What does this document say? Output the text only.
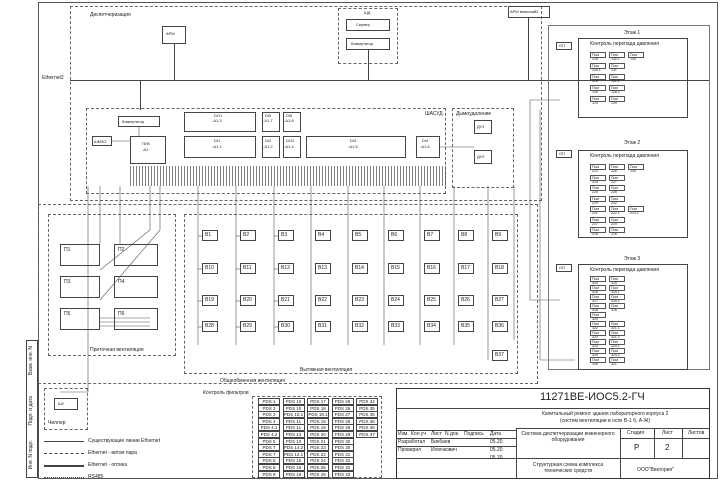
Диспетчеризация
АРМ
АРМ внешний2
ШД
Сервер
Коммутатор
Ethernet2
ШАСУД
Коммутатор
ШМЗО	ПЛК
-A1
DO1
-A1.3
DI5
-A1.7
DI6
-A1.8
DI1
-A1.1
DI2
-A1.2
DO2
-A1.4
DI3
-A1.5
DI4
-A1.6
Дымоудаление
ДУ1
ДУ2
Общеобменная вентиляция
Приточная вентиляция
П1	П2
П3	П4
П5	П6
Вытяжная вентиляция
В1	В2	В3	В4	В5	В6	В7	В8	В9
В10	В11	В12	В13	В14	В15	В16	В17	В18
В19	В20	В21	В22	В23	В24	В25	В26	В27
В28	В29	В30	В31	В32	В33	В34	В35	В36
В37
Контроль фильтров
PDS 1	PDS 10	PDS 17	PDS 26	PDS 34
PDS 2	PDS 10	PDS 18	PDS 26	PDS 35
PDS 3	PDS 10.1	PDS 18.1	PDS 27	PDS 35
PDS 4	PDS 11	PDS 19	PDS 28	PDS 36
PDS 4.1	PDS 11	PDS 19	PDS 28	PDS 36
PDS 4.2	PDS 13	PDS 20	PDS 29	PDS 37
PDS 5	PDS 13	PDS 21	PDS 30
PDS 7	PDS 14.2	PDS 23	PDS 30
PDS 7	PDS 14.1	PDS 22	PDS 31
PDS 8	PDS 15	PDS 24	PDS 32
PDS 8	PDS 16	PDS 25	PDS 32
PDS 9	PDS 16	PDS 25	PDS 33
ШУ
Чиллер
Существующие линии Ethernet
Ethernet - витая пара
Ethernet - оптика
RS485
Этаж 1
ОП	Контроль перепада давления
Этаж 2
ОП	Контроль перепада давления
Этаж 3
ОП	Контроль перепада давления
Пом 128
Пом 130.1
Пом 133
Пом 128.1
Пом 131
Пом 126
Пом 131.1
Пом 125
Пом 128.2
Пом 124
Пом 129
Пом 223
Пом 226
Пом 233
Пом 224
Пом 227
Пом 225
Пом 228
Пом 229
Пом 232
Пом 221
Пом 222.1
Пом 223.2
Пом 217
Пом 219
Пом 218
Пом 216
Пом 314
Пом 315
Пом 316
Пом 315.1
Пом 317
Пом 315.2
Пом 318
Пом 316
Пом 320
Пом 322
Пом 321.1
Пом 323
Пом 321.2
Пом 324
Пом 324.1
Пом 325
Пом 324.2
Пом 326
Пом 321
Взам. инв. N
Подп. и дата
Инв. N подл.
11271ВЕ-ИОС5.2-ГЧ
Капитальный ремонт здания лабораторного корпуса 2
(систем вентиляции в осях В-1 б, А-Ж)
Изм. Кол.уч Лист N док. Подпись Дата
Разработал Бикбаев	05.20
Проверил Илючкович	05.20
05.20
Система диспетчеризации инженерного оборудования
Структурная схема комплекса технических средств
Стадия	Лист	Листов
Р	2
ООО"Виктория"
